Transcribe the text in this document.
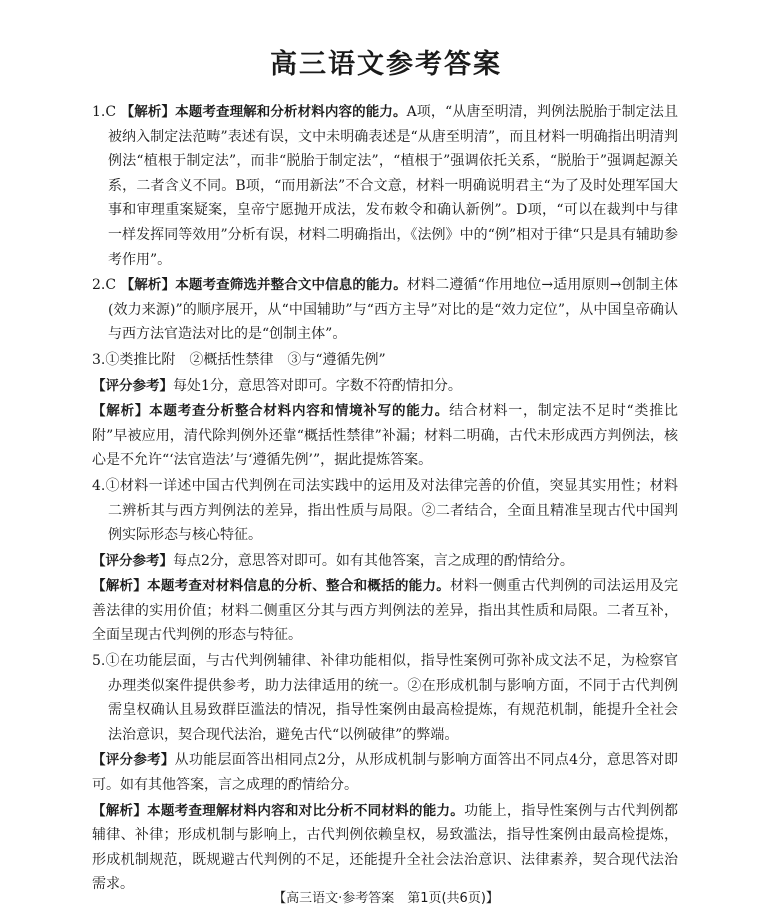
高三语文参考答案

1.C 【解析】本题考查理解和分析材料内容的能力。A项，“从唐至明清，判例法脱胎于制定法且被纳入制定法范畴”表述有误，文中未明确表述是“从唐至明清”，而且材料一明确指出明清判例法“植根于制定法”，而非“脱胎于制定法”，“植根于”强调依托关系，“脱胎于”强调起源关系，二者含义不同。B项，“而用新法”不合文意，材料一明确说明君主“为了及时处理军国大事和审理重案疑案，皇帝宁愿抛开成法，发布敕令和确认新例”。D项，“可以在裁判中与律一样发挥同等效用”分析有误，材料二明确指出，《法例》中的“例”相对于律“只是具有辅助参考作用”。

2.C 【解析】本题考查筛选并整合文中信息的能力。材料二遵循“作用地位→适用原则→创制主体(效力来源)”的顺序展开，从“中国辅助”与“西方主导”对比的是“效力定位”，从中国皇帝确认与西方法官造法对比的是“创制主体”。

3.①类推比附　②概括性禁律　③与“遵循先例”

【评分参考】每处1分，意思答对即可。字数不符酌情扣分。

【解析】本题考查分析整合材料内容和情境补写的能力。结合材料一，制定法不足时“类推比附”早被应用，清代除判例外还靠“概括性禁律”补漏；材料二明确，古代未形成西方判例法，核心是不允许“‘法官造法’与‘遵循先例’”，据此提炼答案。

4.①材料一详述中国古代判例在司法实践中的运用及对法律完善的价值，突显其实用性；材料二辨析其与西方判例法的差异，指出性质与局限。②二者结合，全面且精准呈现古代中国判例实际形态与核心特征。

【评分参考】每点2分，意思答对即可。如有其他答案，言之成理的酌情给分。

【解析】本题考查对材料信息的分析、整合和概括的能力。材料一侧重古代判例的司法运用及完善法律的实用价值；材料二侧重区分其与西方判例法的差异，指出其性质和局限。二者互补，全面呈现古代判例的形态与特征。

5.①在功能层面，与古代判例辅律、补律功能相似，指导性案例可弥补成文法不足，为检察官办理类似案件提供参考，助力法律适用的统一。②在形成机制与影响方面，不同于古代判例需皇权确认且易致群臣滥法的情况，指导性案例由最高检提炼，有规范机制，能提升全社会法治意识，契合现代法治，避免古代“以例破律”的弊端。

【评分参考】从功能层面答出相同点2分，从形成机制与影响方面答出不同点4分，意思答对即可。如有其他答案，言之成理的酌情给分。

【解析】本题考查理解材料内容和对比分析不同材料的能力。功能上，指导性案例与古代判例都辅律、补律；形成机制与影响上，古代判例依赖皇权，易致滥法，指导性案例由最高检提炼，形成机制规范，既规避古代判例的不足，还能提升全社会法治意识、法律素养，契合现代法治需求。

【高三语文·参考答案　第1页(共6页)】
